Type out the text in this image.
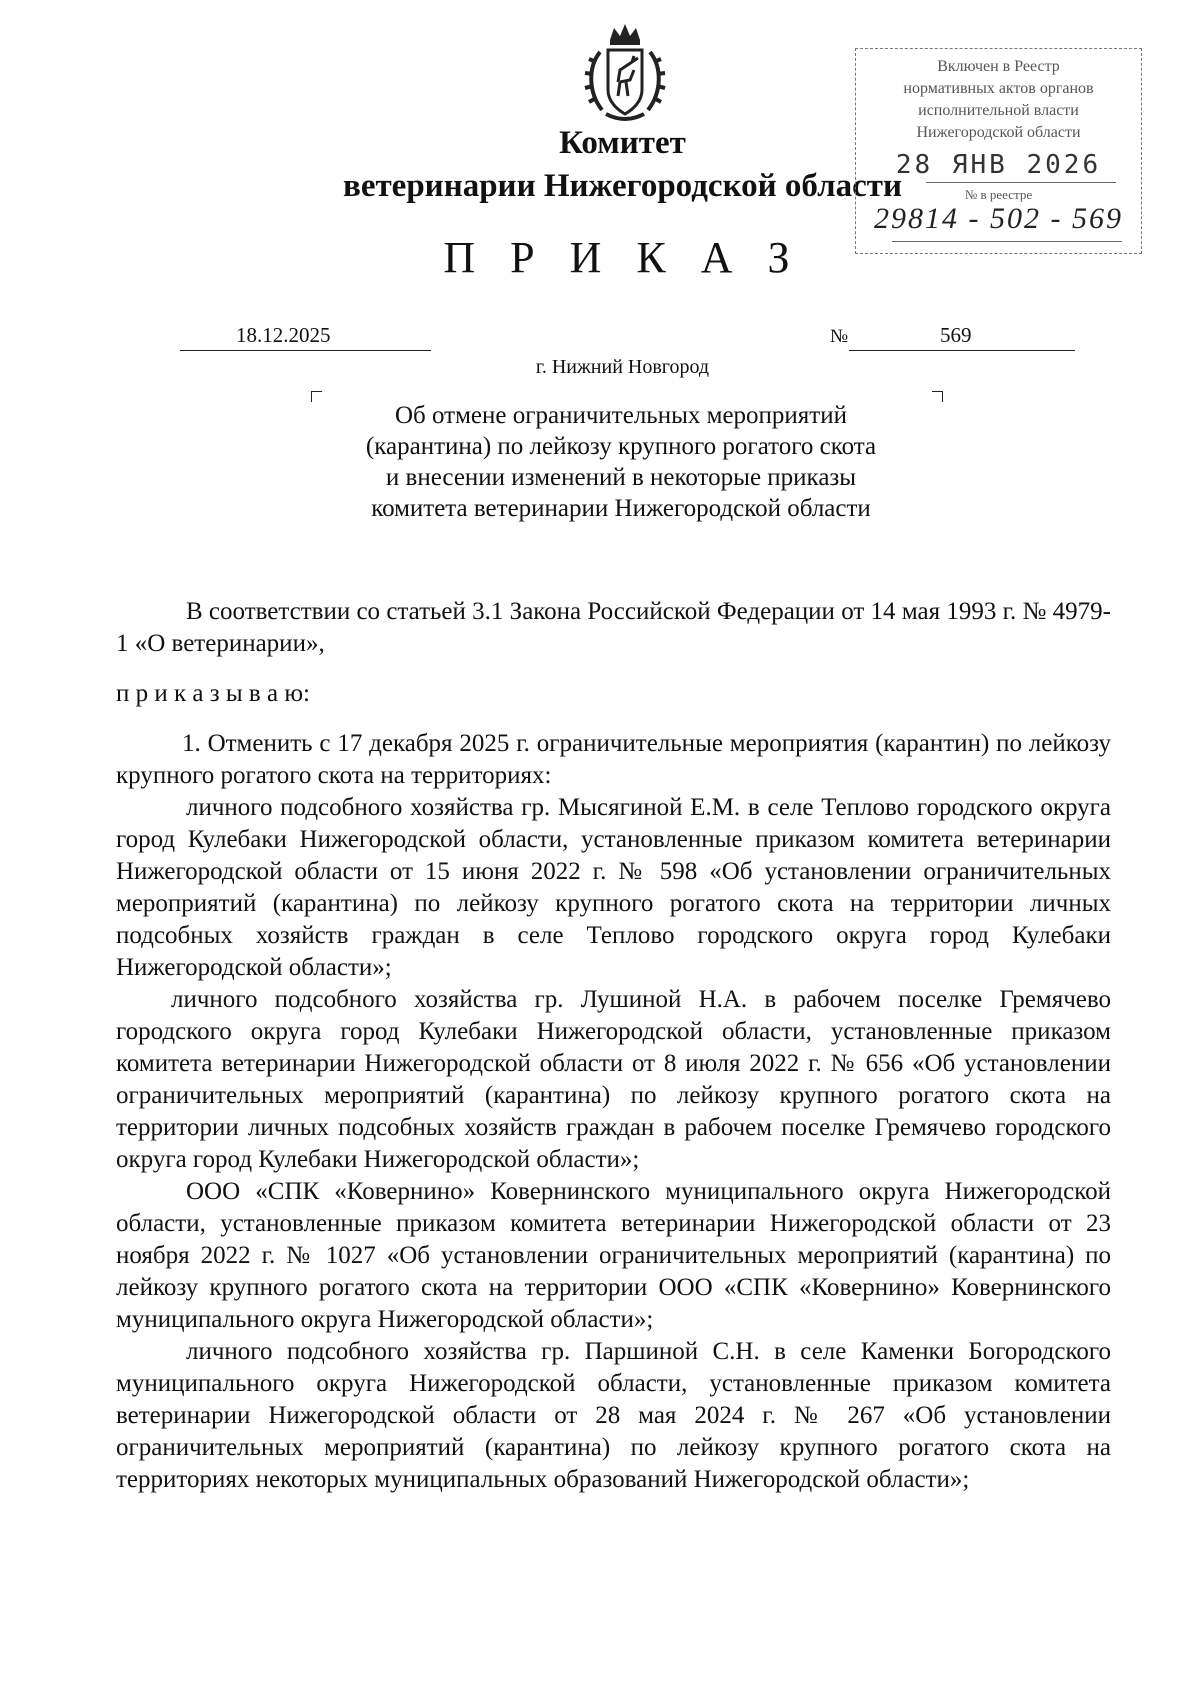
Комитет
ветеринарии Нижегородской области
П Р И К А З
Включен в Реестр
нормативных актов органов
исполнительной власти
Нижегородской области
28 ЯНВ 2026
№ в реестре
29814 - 502 - 569
18.12.2025	№	569
г. Нижний Новгород
Об отмене ограничительных мероприятий
(карантина) по лейкозу крупного рогатого скота
и внесении изменений в некоторые приказы
комитета ветеринарии Нижегородской области

В соответствии со статьей 3.1 Закона Российской Федерации от 14 мая 1993 г. № 4979-1 «О ветеринарии»,

п р и к а з ы в а ю:

1. Отменить с 17 декабря 2025 г. ограничительные мероприятия (карантин) по лейкозу крупного рогатого скота на территориях:

личного подсобного хозяйства гр. Мысягиной Е.М. в селе Теплово городского округа город Кулебаки Нижегородской области, установленные приказом комитета ветеринарии Нижегородской области от 15 июня 2022 г. № 598 «Об установлении ограничительных мероприятий (карантина) по лейкозу крупного рогатого скота на территории личных подсобных хозяйств граждан в селе Теплово городского округа город Кулебаки Нижегородской области»;

личного подсобного хозяйства гр. Лушиной Н.А. в рабочем поселке Гремячево городского округа город Кулебаки Нижегородской области, установленные приказом комитета ветеринарии Нижегородской области от 8 июля 2022 г. № 656 «Об установлении ограничительных мероприятий (карантина) по лейкозу крупного рогатого скота на территории личных подсобных хозяйств граждан в рабочем поселке Гремячево городского округа город Кулебаки Нижегородской области»;

ООО «СПК «Ковернино» Ковернинского муниципального округа Нижегородской области, установленные приказом комитета ветеринарии Нижегородской области от 23 ноября 2022 г. № 1027 «Об установлении ограничительных мероприятий (карантина) по лейкозу крупного рогатого скота на территории ООО «СПК «Ковернино» Ковернинского муниципального округа Нижегородской области»;

личного подсобного хозяйства гр. Паршиной С.Н. в селе Каменки Богородского муниципального округа Нижегородской области, установленные приказом комитета ветеринарии Нижегородской области от 28 мая 2024 г. № 267 «Об установлении ограничительных мероприятий (карантина) по лейкозу крупного рогатого скота на территориях некоторых муниципальных образований Нижегородской области»;
